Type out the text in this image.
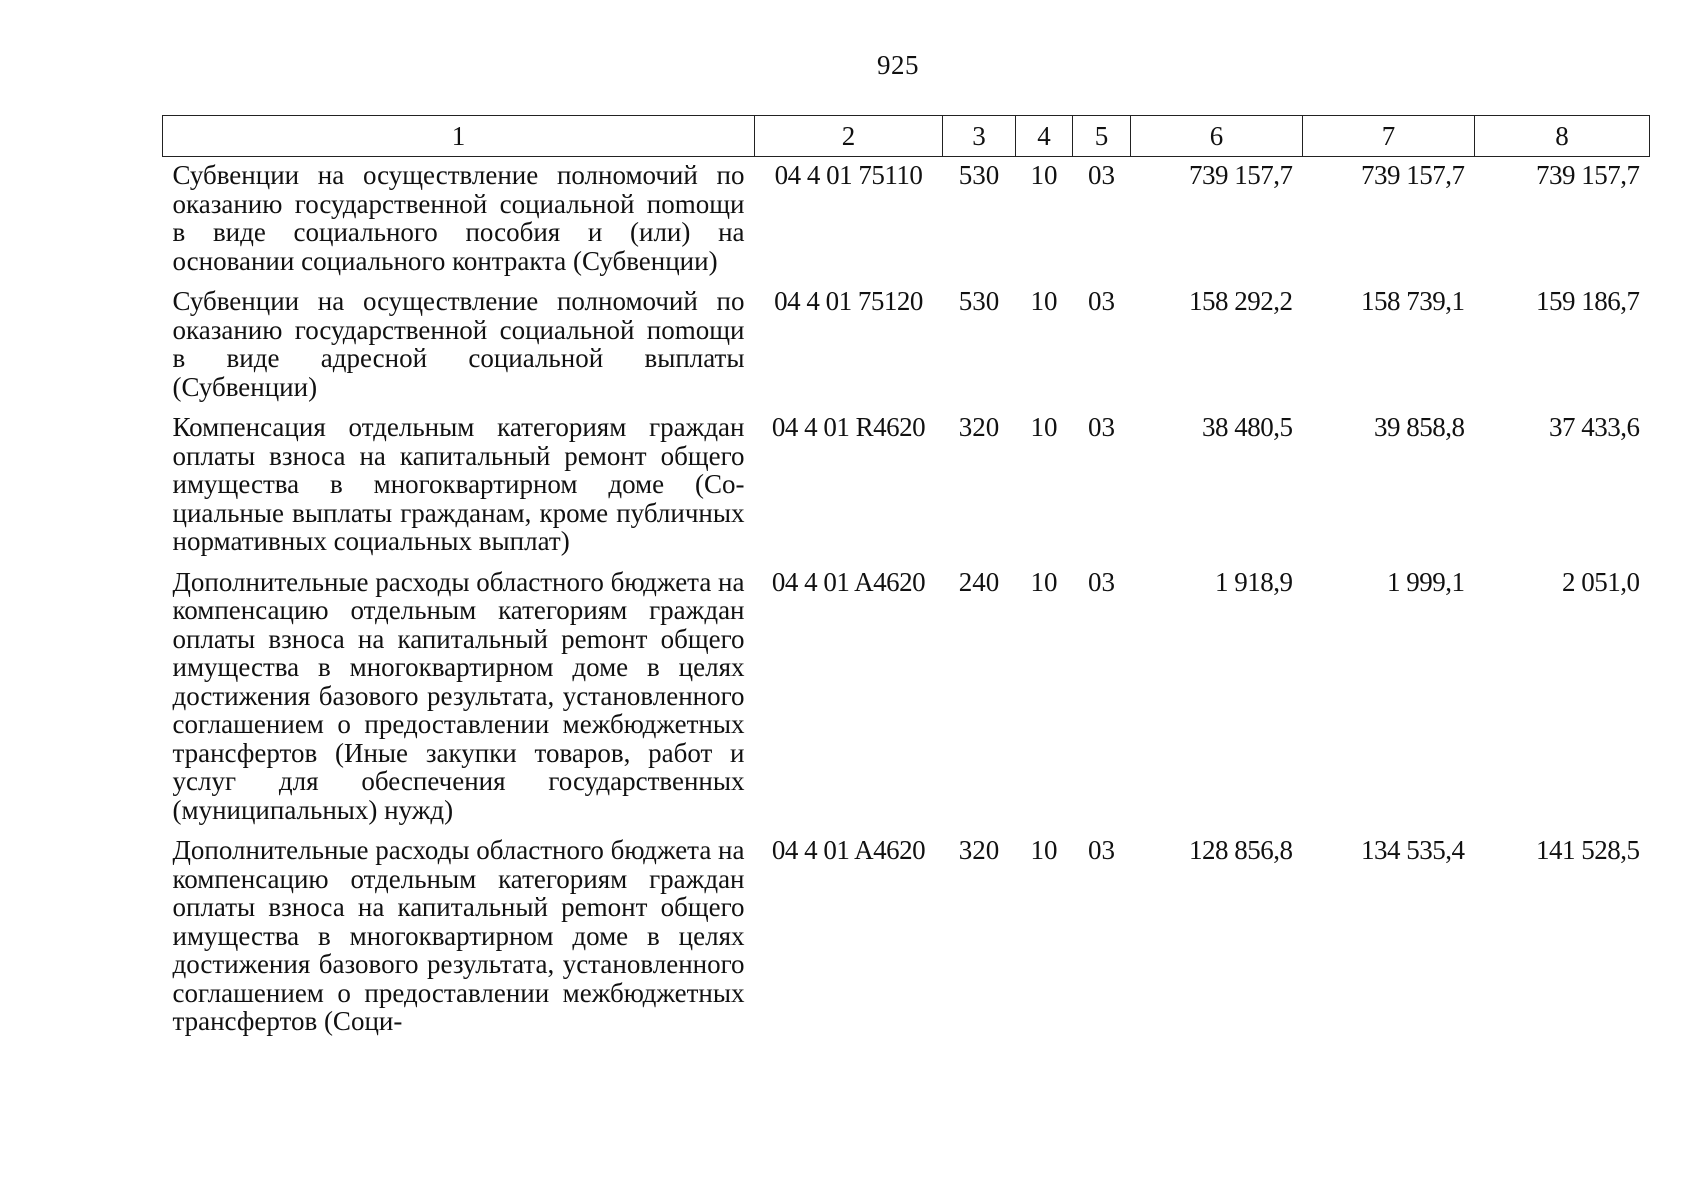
925
1	2	3	4	5	6	7	8
Субвенции на осуществление полномочий по оказанию государственной социальной поmощи в виде социального пособия и (или) на основании социального контракта (Субвенции)	04 4 01 75110	530	10	03	739 157,7	739 157,7	739 157,7
Субвенции на осуществление полномочий по оказанию государственной социальной поmощи в виде адресной социальной выплаты (Субвенции)	04 4 01 75120	530	10	03	158 292,2	158 739,1	159 186,7
Компенсация отдельным категориям граждан оплаты взноса на капитальный ремонт общего имущества в многоквартирном доме (Социальные выплаты гражданам, кроме публичных нормативных социальных выплат)	04 4 01 R4620	320	10	03	38 480,5	39 858,8	37 433,6
Дополнительные расходы областного бюджета на компенсацию отдельным категориям граждан оплаты взноса на капитальный реmонт общего имущества в многоквартирном доме в целях достижения базового результата, установленного соглашением о предоставлении межбюджетных трансфертов (Иные закупки товаров, работ и услуг для обеспечения государственных (муниципальных) нужд)	04 4 01 A4620	240	10	03	1 918,9	1 999,1	2 051,0
Дополнительные расходы областного бюджета на компенсацию отдельным категориям граждан оплаты взноса на капитальный реmонт общего имущества в многоквартирном доме в целях достижения базового результата, установленного соглашением о предоставлении межбюджетных трансфертов (Соци-	04 4 01 A4620	320	10	03	128 856,8	134 535,4	141 528,5
